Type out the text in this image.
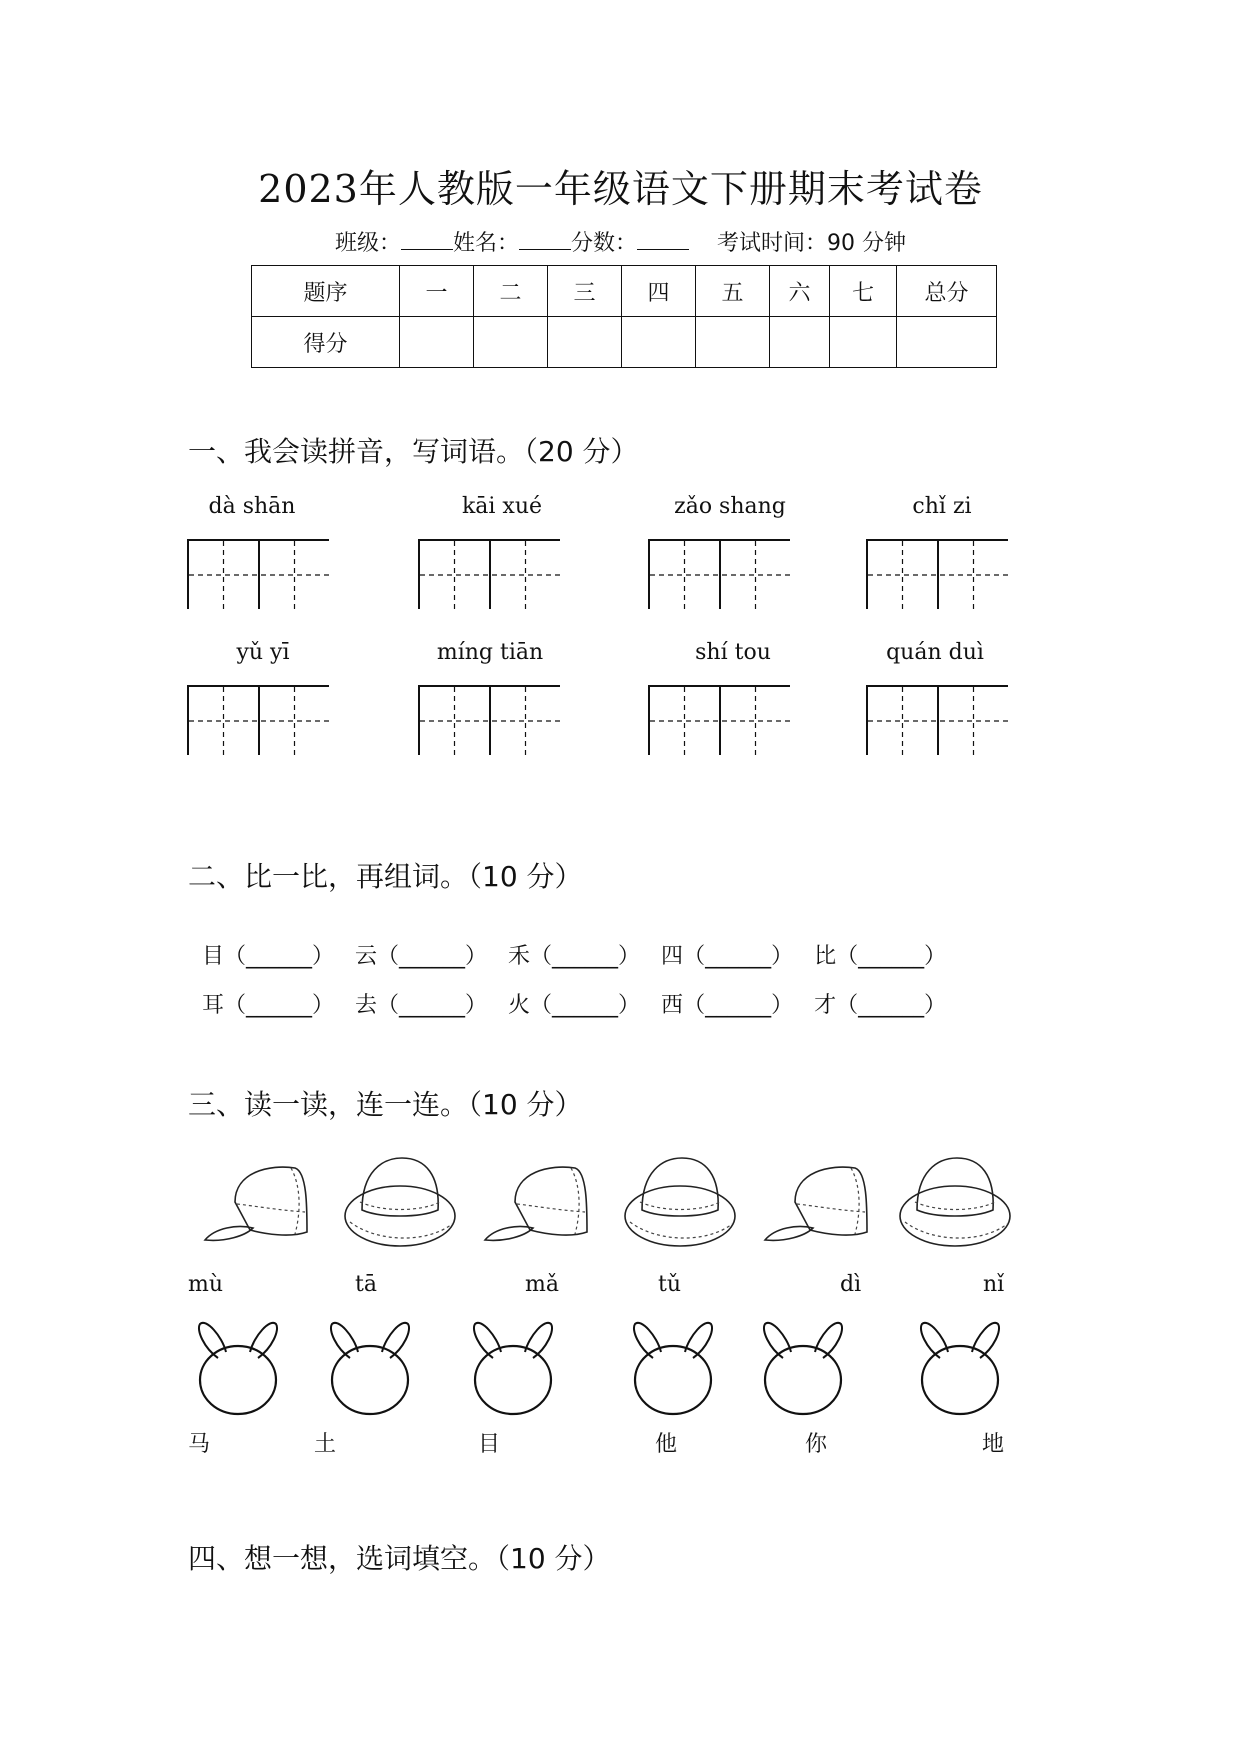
2023年人教版一年级语文下册期末考试卷
班级： 姓名： 分数：	考试时间：90 分钟
题序	一	二	三	四	五	六	七	总分
得分								
一、我会读拼音，写词语。（20 分）
dà shān	kāi xué	zǎo shang	chǐ zi
yǔ yī	míng tiān	shí tou	quán duì
二、比一比，再组词。（10 分）

目（______） 云（______） 禾（______） 四（______） 比（______）

耳（______） 去（______） 火（______） 西（______） 才（______）

三、读一读，连一连。（10 分）
mù	tā	mǎ	tǔ	dì	nǐ
马	土	目	他	你	地
四、想一想，选词填空。（10 分）
